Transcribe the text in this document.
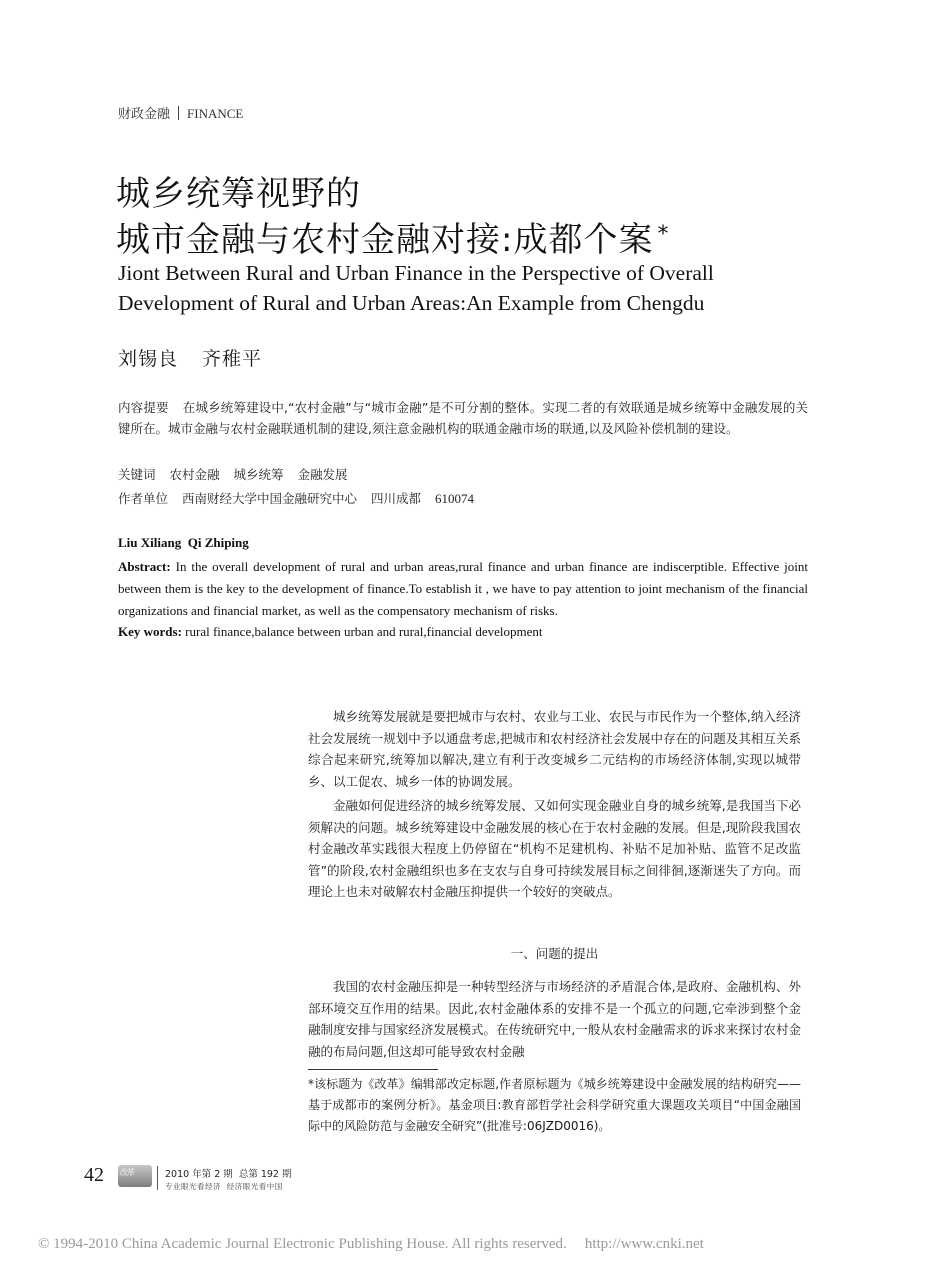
财政金融 FINANCE
城乡统筹视野的
城市金融与农村金融对接:成都个案 *
Jiont Between Rural and Urban Finance in the Perspective of Overall Development of Rural and Urban Areas:An Example from Chengdu
刘锡良 齐稚平
内容提要 在城乡统筹建设中,“农村金融”与“城市金融”是不可分割的整体。实现二者的有效联通是城乡统筹中金融发展的关键所在。城市金融与农村金融联通机制的建设,须注意金融机构的联通金融市场的联通,以及风险补偿机制的建设。
关键词 农村金融 城乡统筹 金融发展
作者单位 西南财经大学中国金融研究中心 四川成都 610074
Liu Xiliang  Qi Zhiping
Abstract: In the overall development of rural and urban areas,rural finance and urban finance are indiscerptible. Effective joint between them is the key to the development of finance.To establish it , we have to pay attention to joint mechanism of the financial organizations and financial market, as well as the compensatory mechanism of risks.
Key words: rural finance,balance between urban and rural,financial development

城乡统筹发展就是要把城市与农村、农业与工业、农民与市民作为一个整体,纳入经济社会发展统一规划中予以通盘考虑,把城市和农村经济社会发展中存在的问题及其相互关系综合起来研究,统筹加以解决,建立有利于改变城乡二元结构的市场经济体制,实现以城带乡、以工促农、城乡一体的协调发展。

金融如何促进经济的城乡统筹发展、又如何实现金融业自身的城乡统筹,是我国当下必须解决的问题。城乡统筹建设中金融发展的核心在于农村金融的发展。但是,现阶段我国农村金融改革实践很大程度上仍停留在“机构不足建机构、补贴不足加补贴、监管不足改监管”的阶段,农村金融组织也多在支农与自身可持续发展目标之间徘徊,逐渐迷失了方向。而理论上也未对破解农村金融压抑提供一个较好的突破点。

一、问题的提出

我国的农村金融压抑是一种转型经济与市场经济的矛盾混合体,是政府、金融机构、外部环境交互作用的结果。因此,农村金融体系的安排不是一个孤立的问题,它牵涉到整个金融制度安排与国家经济发展模式。在传统研究中,一般从农村金融需求的诉求来探讨农村金融的布局问题,但这却可能导致农村金融

*该标题为《改革》编辑部改定标题,作者原标题为《城乡统筹建设中金融发展的结构研究——基于成都市的案例分析》。基金项目:教育部哲学社会科学研究重大课题攻关项目“中国金融国际中的风险防范与金融安全研究”(批准号:06JZD0016)。
42 改革	2010 年第 2 期  总第 192 期
专业眼光看经济  经济眼光看中国
© 1994-2010 China Academic Journal Electronic Publishing House. All rights reserved. http://www.cnki.net
